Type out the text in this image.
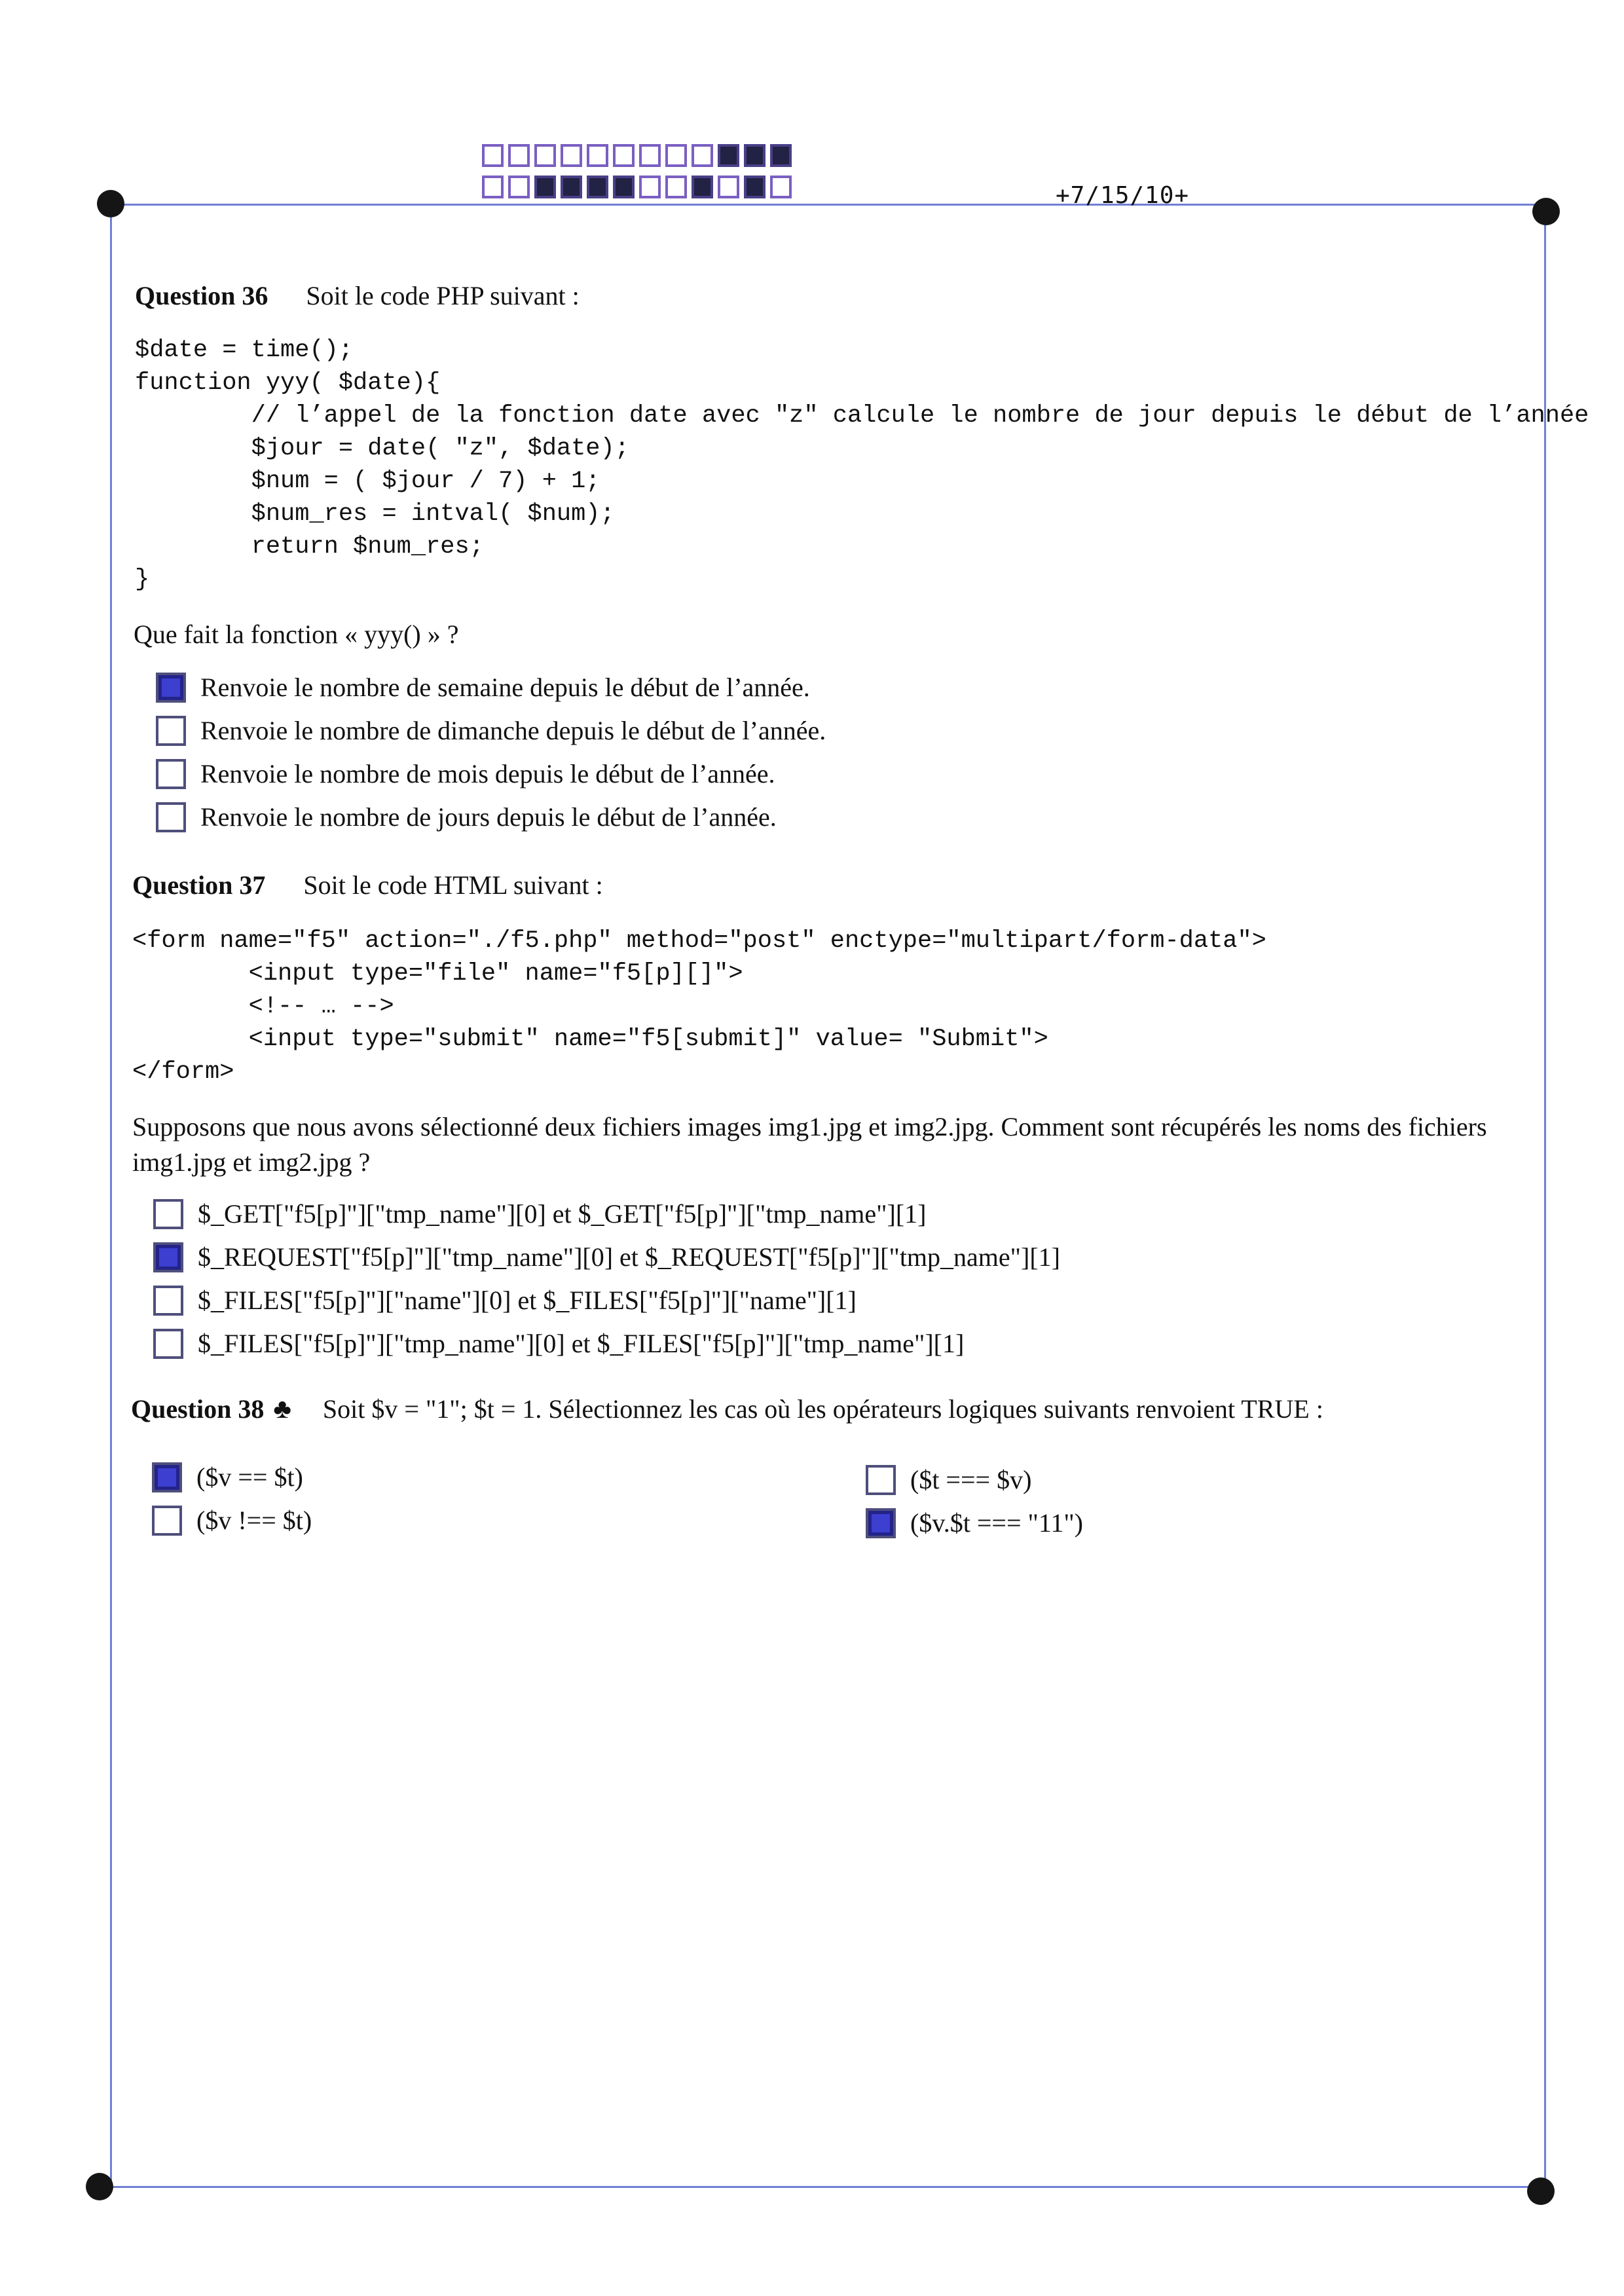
+7/15/10+
Question 36 Soit le code PHP suivant :
$date = time();
function yyy( $date){
// l’appel de la fonction date avec "z" calcule le nombre de jour depuis le début de l’année
$jour = date( "z", $date);
$num = ( $jour / 7) + 1;
$num_res = intval( $num);
return $num_res;
}
Que fait la fonction « yyy() » ?
Renvoie le nombre de semaine depuis le début de l’année.
Renvoie le nombre de dimanche depuis le début de l’année.
Renvoie le nombre de mois depuis le début de l’année.
Renvoie le nombre de jours depuis le début de l’année.
Question 37 Soit le code HTML suivant :
<form name="f5" action="./f5.php" method="post" enctype="multipart/form-data">
<input type="file" name="f5[p][]">
<!-- … -->
<input type="submit" name="f5[submit]" value= "Submit">
</form>
Supposons que nous avons sélectionné deux fichiers images img1.jpg et img2.jpg. Comment sont récupérés les noms des fichiers img1.jpg et img2.jpg ?
$_GET["f5[p]"]["tmp_name"][0] et $_GET["f5[p]"]["tmp_name"][1]
$_REQUEST["f5[p]"]["tmp_name"][0] et $_REQUEST["f5[p]"]["tmp_name"][1]
$_FILES["f5[p]"]["name"][0] et $_FILES["f5[p]"]["name"][1]
$_FILES["f5[p]"]["tmp_name"][0] et $_FILES["f5[p]"]["tmp_name"][1]
Question 38 ♣ Soit $v = "1"; $t = 1. Sélectionnez les cas où les opérateurs logiques suivants renvoient TRUE :
($v == $t)	($t === $v)
($v !== $t)	($v.$t === "11")
